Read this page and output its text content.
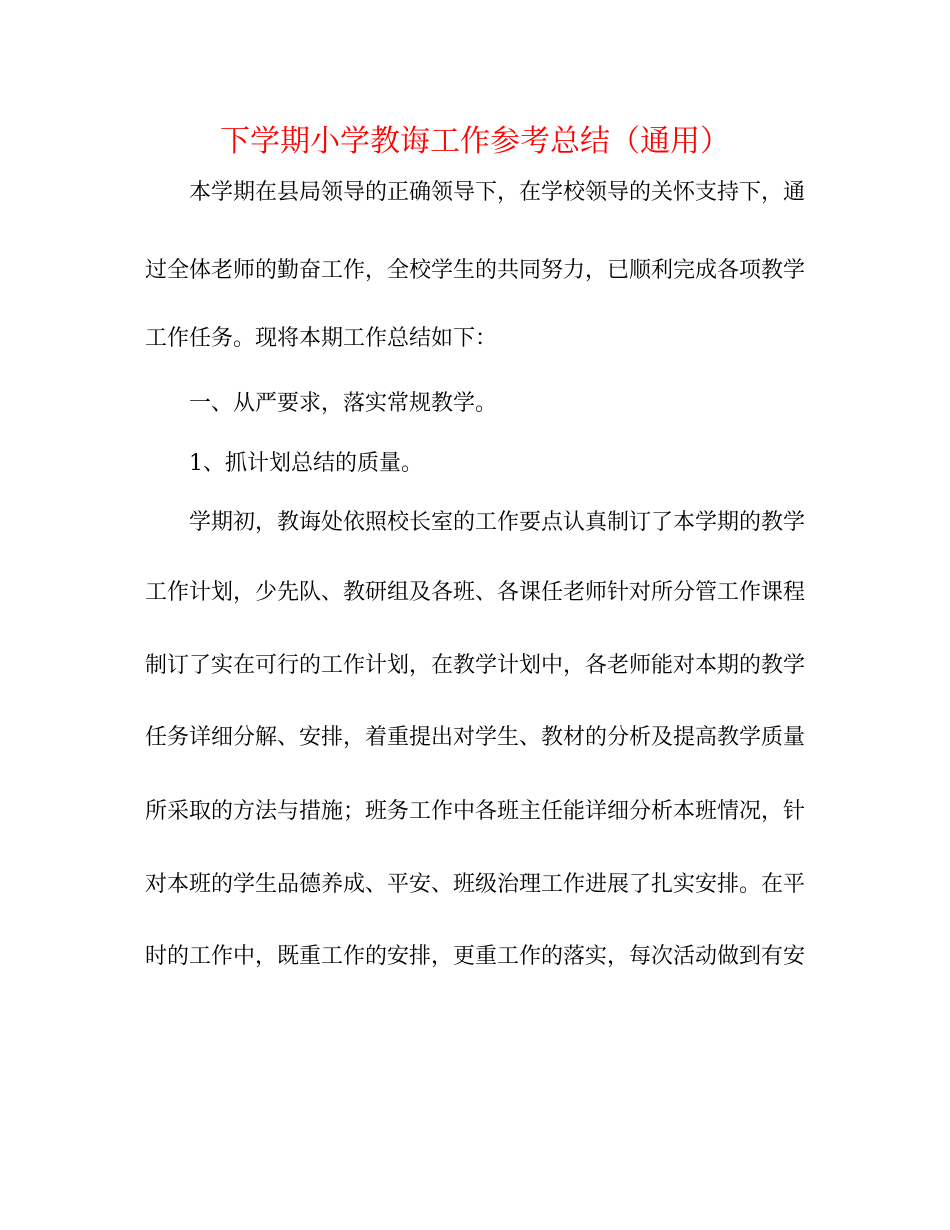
下学期小学教诲工作参考总结（通用）
本学期在县局领导的正确领导下，在学校领导的关怀支持下，通
过全体老师的勤奋工作，全校学生的共同努力，已顺利完成各项教学
工作任务。现将本期工作总结如下：
一、从严要求，落实常规教学。
1、抓计划总结的质量。
学期初，教诲处依照校长室的工作要点认真制订了本学期的教学
工作计划，少先队、教研组及各班、各课任老师针对所分管工作课程
制订了实在可行的工作计划，在教学计划中，各老师能对本期的教学
任务详细分解、安排，着重提出对学生、教材的分析及提高教学质量
所采取的方法与措施；班务工作中各班主任能详细分析本班情况，针
对本班的学生品德养成、平安、班级治理工作进展了扎实安排。在平
时的工作中，既重工作的安排，更重工作的落实，每次活动做到有安
